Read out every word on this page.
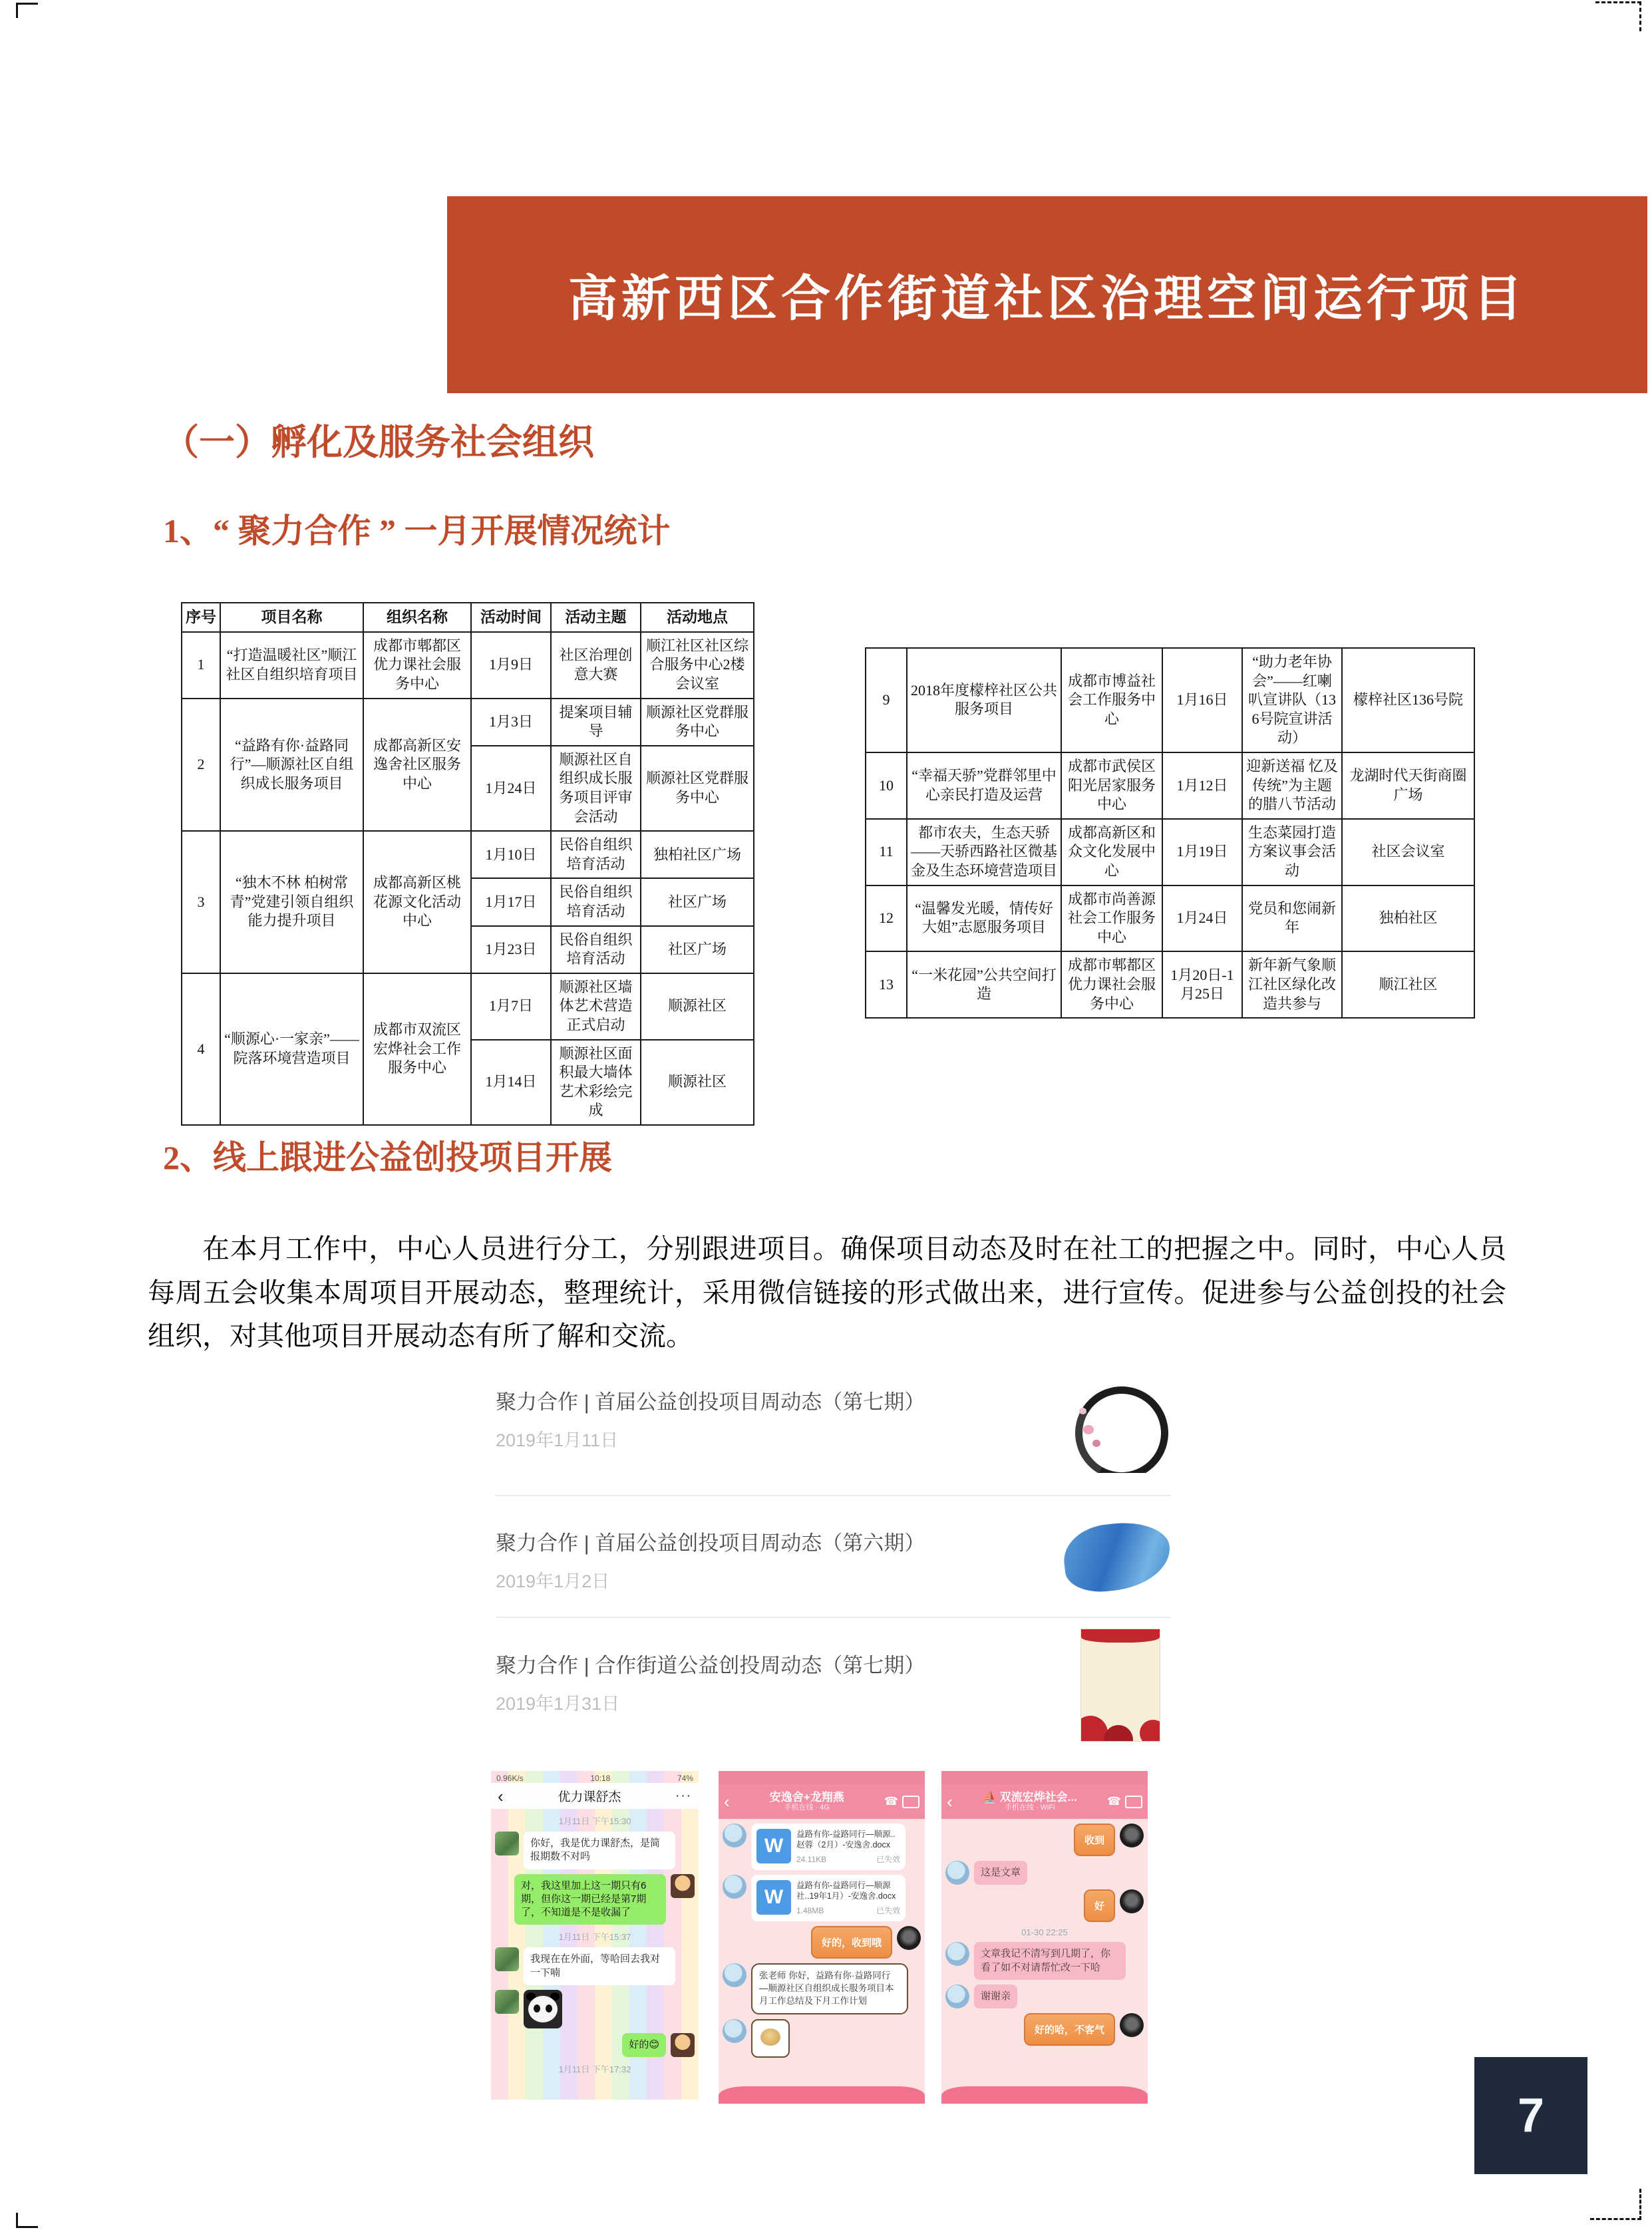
高新西区合作街道社区治理空间运行项目
（一）孵化及服务社会组织
1、“ 聚力合作 ” 一月开展情况统计
序号	项目名称	组织名称	活动时间	活动主题	活动地点
1	“打造温暖社区”顺江社区自组织培育项目	成都市郫都区优力课社会服务中心	1月9日	社区治理创意大赛	顺江社区社区综合服务中心2楼会议室
2	“益路有你·益路同行”—顺源社区自组织成长服务项目	成都高新区安逸舍社区服务中心	1月3日	提案项目辅导	顺源社区党群服务中心
			1月24日	顺源社区自组织成长服务项目评审会活动	顺源社区党群服务中心
3	“独木不林 柏树常青”党建引领自组织能力提升项目	成都高新区桃花源文化活动中心	1月10日	民俗自组织培育活动	独柏社区广场
			1月17日	民俗自组织培育活动	社区广场
			1月23日	民俗自组织培育活动	社区广场
4	“顺源心·一家亲”——院落环境营造项目	成都市双流区宏烨社会工作服务中心	1月7日	顺源社区墙体艺术营造正式启动	顺源社区
			1月14日	顺源社区面积最大墙体艺术彩绘完成	顺源社区
9	2018年度檬梓社区公共服务项目	成都市博益社会工作服务中心	1月16日	“助力老年协会”——红喇叭宣讲队（136号院宣讲活动）	檬梓社区136号院
10	“幸福天骄”党群邻里中心亲民打造及运营	成都市武侯区阳光居家服务中心	1月12日	迎新送福 忆及传统”为主题的腊八节活动	龙湖时代天街商圈广场
11	都市农夫，生态天骄——天骄西路社区微基金及生态环境营造项目	成都高新区和众文化发展中心	1月19日	生态菜园打造方案议事会活动	社区会议室
12	“温馨发光暖，情传好大姐”志愿服务项目	成都市尚善源社会工作服务中心	1月24日	党员和您闹新年	独柏社区
13	“一米花园”公共空间打造	成都市郫都区优力课社会服务中心	1月20日-1月25日	新年新气象顺江社区绿化改造共参与	顺江社区
2、线上跟进公益创投项目开展
在本月工作中，中心人员进行分工，分别跟进项目。确保项目动态及时在社工的把握之中。同时，中心人员每周五会收集本周项目开展动态，整理统计，采用微信链接的形式做出来，进行宣传。促进参与公益创投的社会组织，对其他项目开展动态有所了解和交流。
聚力合作 | 首届公益创投项目周动态（第七期）
2019年1月11日
聚力合作 | 首届公益创投项目周动态（第六期）
2019年1月2日
聚力合作 | 合作街道公益创投周动态（第七期）
2019年1月31日
0.96K/s	10:18	74%
‹	优力课舒杰	···
1月11日 下午15:30
你好，我是优力课舒杰，是简报期数不对吗
对，我这里加上这一期只有6期，但你这一期已经是第7期了，不知道是不是收漏了
1月11日 下午15:37
我现在在外面，等哈回去我对一下喃
好的😊
1月11日 下午17:32
‹	安逸舍+龙翔燕
手机在线 · 4G
☎
W
益路有你-益路同行—顺源..赵蓉（2月）-安逸舍.docx
24.11KB	已失效
W
益路有你-益路同行—顺源社..19年1月）-安逸舍.docx
1.48MB	已失效
好的，收到哦
张老师 你好，益路有你·益路同行 —顺源社区自组织成长服务项目本月工作总结及下月工作计划
‹	⛵ 双流宏烨社会...
手机在线 · WiFi
☎
收到
这是文章
好
01-30 22:25
文章我记不清写到几期了，你看了如不对请帮忙改一下哈
谢谢亲
好的哈，不客气
7
